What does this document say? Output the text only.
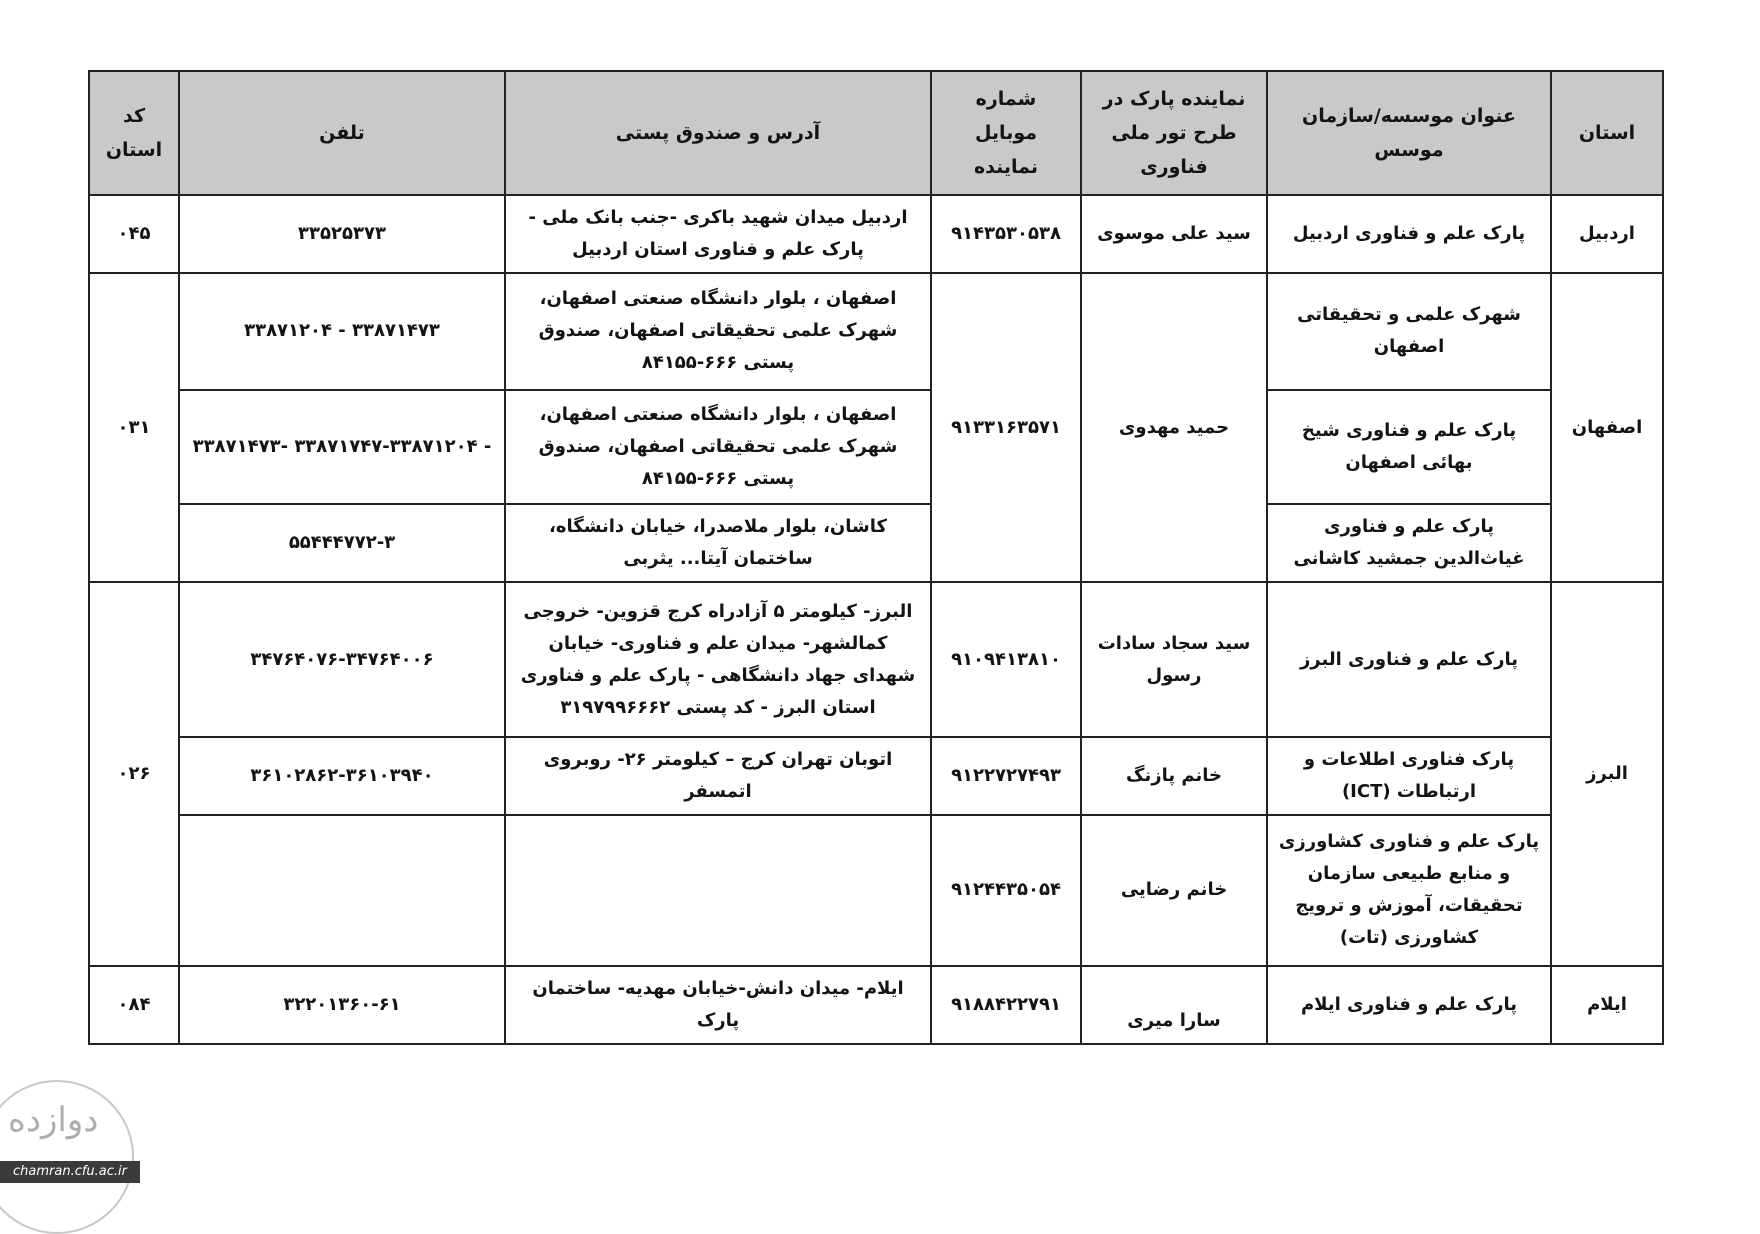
استان	عنوان موسسه/سازمان موسس	نماینده پارک در طرح تور ملی فناوری	شماره موبایل نماینده	آدرس و صندوق پستی	تلفن	کد استان
اردبیل	پارک علم و فناوری اردبیل	سید علی موسوی	۹۱۴۳۵۳۰۵۳۸	اردبیل میدان شهید باکری -جنب بانک ملی - پارک علم و فناوری استان اردبیل	۳۳۵۲۵۳۷۳	۰۴۵
اصفهان	شهرک علمی و تحقیقاتی اصفهان	حمید مهدوی	۹۱۳۳۱۶۳۵۷۱	اصفهان ، بلوار دانشگاه صنعتی اصفهان، شهرک علمی تحقیقاتی اصفهان، صندوق پستی ۶۶۶-۸۴۱۵۵	۳۳۸۷۱۴۷۳ - ۳۳۸۷۱۲۰۴	۰۳۱
	پارک علم و فناوری شیخ بهائی اصفهان			اصفهان ، بلوار دانشگاه صنعتی اصفهان، شهرک علمی تحقیقاتی اصفهان، صندوق پستی ۶۶۶-۸۴۱۵۵	- ۳۳۸۷۱۷۴۷-۳۳۸۷۱۲۰۴ -۳۳۸۷۱۴۷۳	
	پارک علم و فناوری غیاث‌الدین جمشید کاشانی			کاشان، بلوار ملاصدرا، خیابان دانشگاه، ساختمان آیتا... یثربی	۵۵۴۴۴۷۷۲-۳	
البرز	پارک علم و فناوری البرز	سید سجاد سادات رسول	۹۱۰۹۴۱۳۸۱۰	البرز- کیلومتر ۵ آزادراه کرج قزوین- خروجی کمالشهر- میدان علم و فناوری- خیابان شهدای جهاد دانشگاهی - پارک علم و فناوری استان البرز - کد پستی ۳۱۹۷۹۹۶۶۶۲	۳۴۷۶۴۰۷۶-۳۴۷۶۴۰۰۶	۰۲۶
	پارک فناوری اطلاعات و ارتباطات (ICT)	خانم پازنگ	۹۱۲۲۷۲۷۴۹۳	اتوبان تهران کرج – کیلومتر ۲۶- روبروی اتمسفر	۳۶۱۰۲۸۶۲-۳۶۱۰۳۹۴۰	
	پارک علم و فناوری کشاورزی و منابع طبیعی سازمان تحقیقات، آموزش و ترویج کشاورزی (تات)	خانم رضایی	۹۱۲۴۴۳۵۰۵۴			
ایلام	پارک علم و فناوری ایلام	سارا میری	۹۱۸۸۴۲۲۷۹۱	ایلام- میدان دانش-خیابان مهدیه- ساختمان پارک	۳۲۲۰۱۳۶۰-۶۱	۰۸۴
دوازده
chamran.cfu.ac.ir
